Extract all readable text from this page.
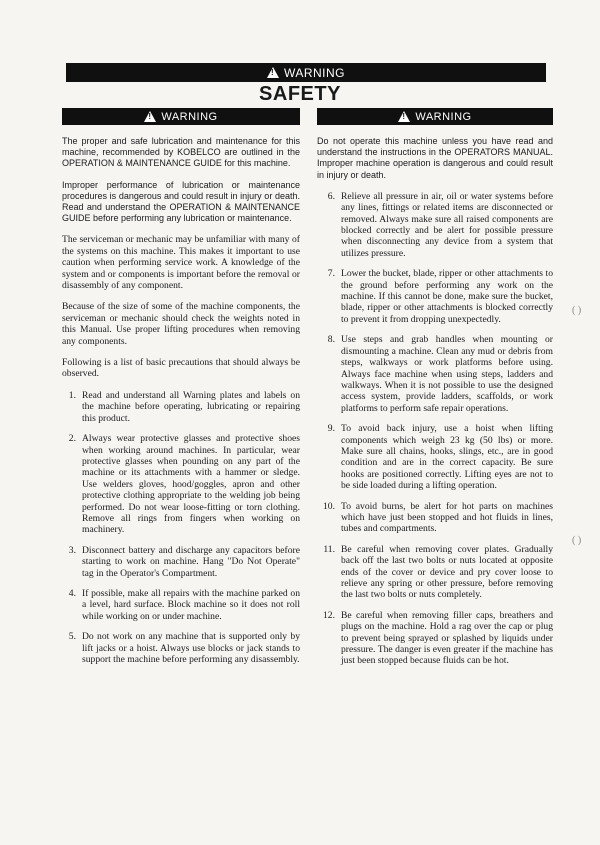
!
WARNING
SAFETY
!
WARNING
!	WARNING

The proper and safe lubrication and maintenance for this machine, recommended by KOBELCO are outlined in the OPERATION & MAINTENANCE GUIDE for this machine.

Improper performance of lubrication or maintenance procedures is dangerous and could result in injury or death. Read and understand the OPERATION & MAINTENANCE GUIDE before performing any lubrication or maintenance.

The serviceman or mechanic may be unfamiliar with many of the systems on this machine. This makes it important to use caution when performing service work. A knowledge of the system and or components is important before the removal or disassembly of any component.

Because of the size of some of the machine components, the serviceman or mechanic should check the weights noted in this Manual. Use proper lifting procedures when removing any components.

Following is a list of basic precautions that should always be observed.

1. Read and understand all Warning plates and labels on the machine before operating, lubricating or repairing this product.
2. Always wear protective glasses and protective shoes when working around machines. In particular, wear protective glasses when pounding on any part of the machine or its attachments with a hammer or sledge. Use welders gloves, hood/goggles, apron and other protective clothing appropriate to the welding job being performed. Do not wear loose-fitting or torn clothing. Remove all rings from fingers when working on machinery.
3. Disconnect battery and discharge any capacitors before starting to work on machine. Hang "Do Not Operate" tag in the Operator's Compartment.
4. If possible, make all repairs with the machine parked on a level, hard surface. Block machine so it does not roll while working on or under machine.
5. Do not work on any machine that is supported only by lift jacks or a hoist. Always use blocks or jack stands to support the machine before performing any disassembly.

Do not operate this machine unless you have read and understand the instructions in the OPERATORS MANUAL. Improper machine operation is dangerous and could result in injury or death.

6. Relieve all pressure in air, oil or water systems before any lines, fittings or related items are disconnected or removed. Always make sure all raised components are blocked correctly and be alert for possible pressure when disconnecting any device from a system that utilizes pressure.
7. Lower the bucket, blade, ripper or other attachments to the ground before performing any work on the machine. If this cannot be done, make sure the bucket, blade, ripper or other attachments is blocked correctly to prevent it from dropping unexpectedly.
8. Use steps and grab handles when mounting or dismounting a machine. Clean any mud or debris from steps, walkways or work platforms before using. Always face machine when using steps, ladders and walkways. When it is not possible to use the designed access system, provide ladders, scaffolds, or work platforms to perform safe repair operations.
9. To avoid back injury, use a hoist when lifting components which weigh 23 kg (50 lbs) or more. Make sure all chains, hooks, slings, etc., are in good condition and are in the correct capacity. Be sure hooks are positioned correctly. Lifting eyes are not to be side loaded during a lifting operation.
10. To avoid burns, be alert for hot parts on machines which have just been stopped and hot fluids in lines, tubes and compartments.
11. Be careful when removing cover plates. Gradually back off the last two bolts or nuts located at opposite ends of the cover or device and pry cover loose to relieve any spring or other pressure, before removing the last two bolts or nuts completely.
12. Be careful when removing filler caps, breathers and plugs on the machine. Hold a rag over the cap or plug to prevent being sprayed or splashed by liquids under pressure. The danger is even greater if the machine has just been stopped because fluids can be hot.
( )
( )
